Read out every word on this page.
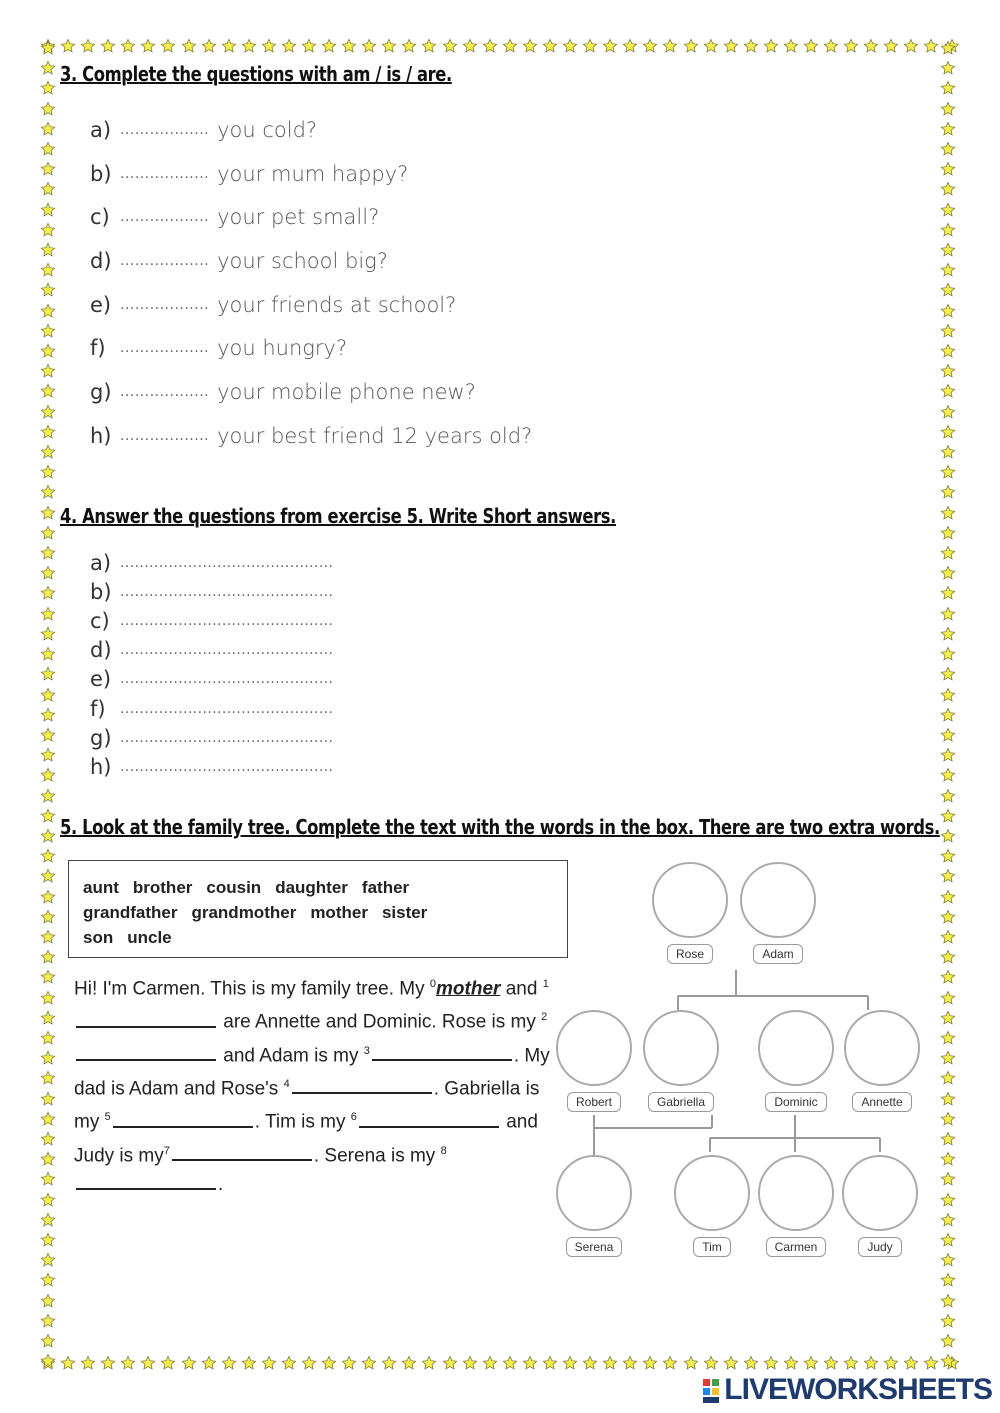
3. Complete the questions with am / is / are.
a) .................. you cold?
b) .................. your mum happy?
c) .................. your pet small?
d) .................. your school big?
e) .................. your friends at school?
f)	.................. you hungry?
g) .................. your mobile phone new?
h) .................. your best friend 12 years old?
4. Answer the questions from exercise 5. Write Short answers.
a) ............................................
b) ............................................
c) ............................................
d) ............................................
e) ............................................
f)	............................................
g) ............................................
h) ............................................
5. Look at the family tree. Complete the text with the words in the box. There are two extra words.
aunt brother cousin daughter father
grandfather grandmother mother sister
son uncle
Hi! I'm Carmen. This is my family tree. My $^0$mother and $^1$ are Annette and Dominic. Rose is my $^2$ and Adam is my $^3$	. My dad is Adam and Rose's $^4$	. Gabriella is my $^5$	. Tim is my $^6$	and Judy is $my^7$	. Serena is my $^8$.
Rose	Adam
Robert	Gabriella	Dominic	Annette
Serena	Tim	Carmen	Judy
LIVEWORKSHEETS
